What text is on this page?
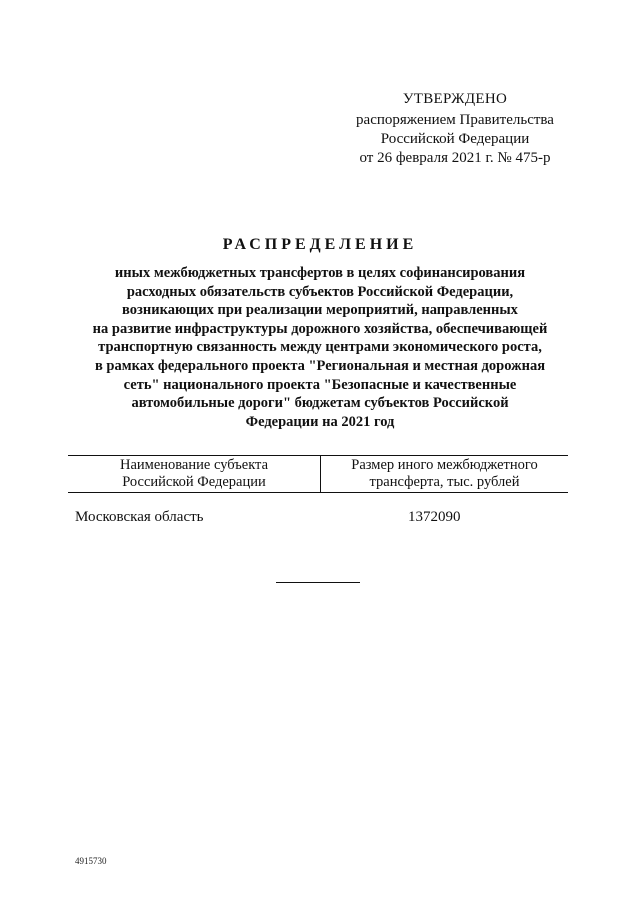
УТВЕРЖДЕНО
распоряжением Правительства
Российской Федерации
от 26 февраля 2021 г. № 475-р
РАСПРЕДЕЛЕНИЕ
иных межбюджетных трансфертов в целях софинансирования
расходных обязательств субъектов Российской Федерации,
возникающих при реализации мероприятий, направленных
на развитие инфраструктуры дорожного хозяйства, обеспечивающей
транспортную связанность между центрами экономического роста,
в рамках федерального проекта "Региональная и местная дорожная
сеть" национального проекта "Безопасные и качественные
автомобильные дороги" бюджетам субъектов Российской
Федерации на 2021 год
Наименование субъекта
Российской Федерации
Размер иного межбюджетного
трансферта, тыс. рублей
Московская область	1372090
4915730
